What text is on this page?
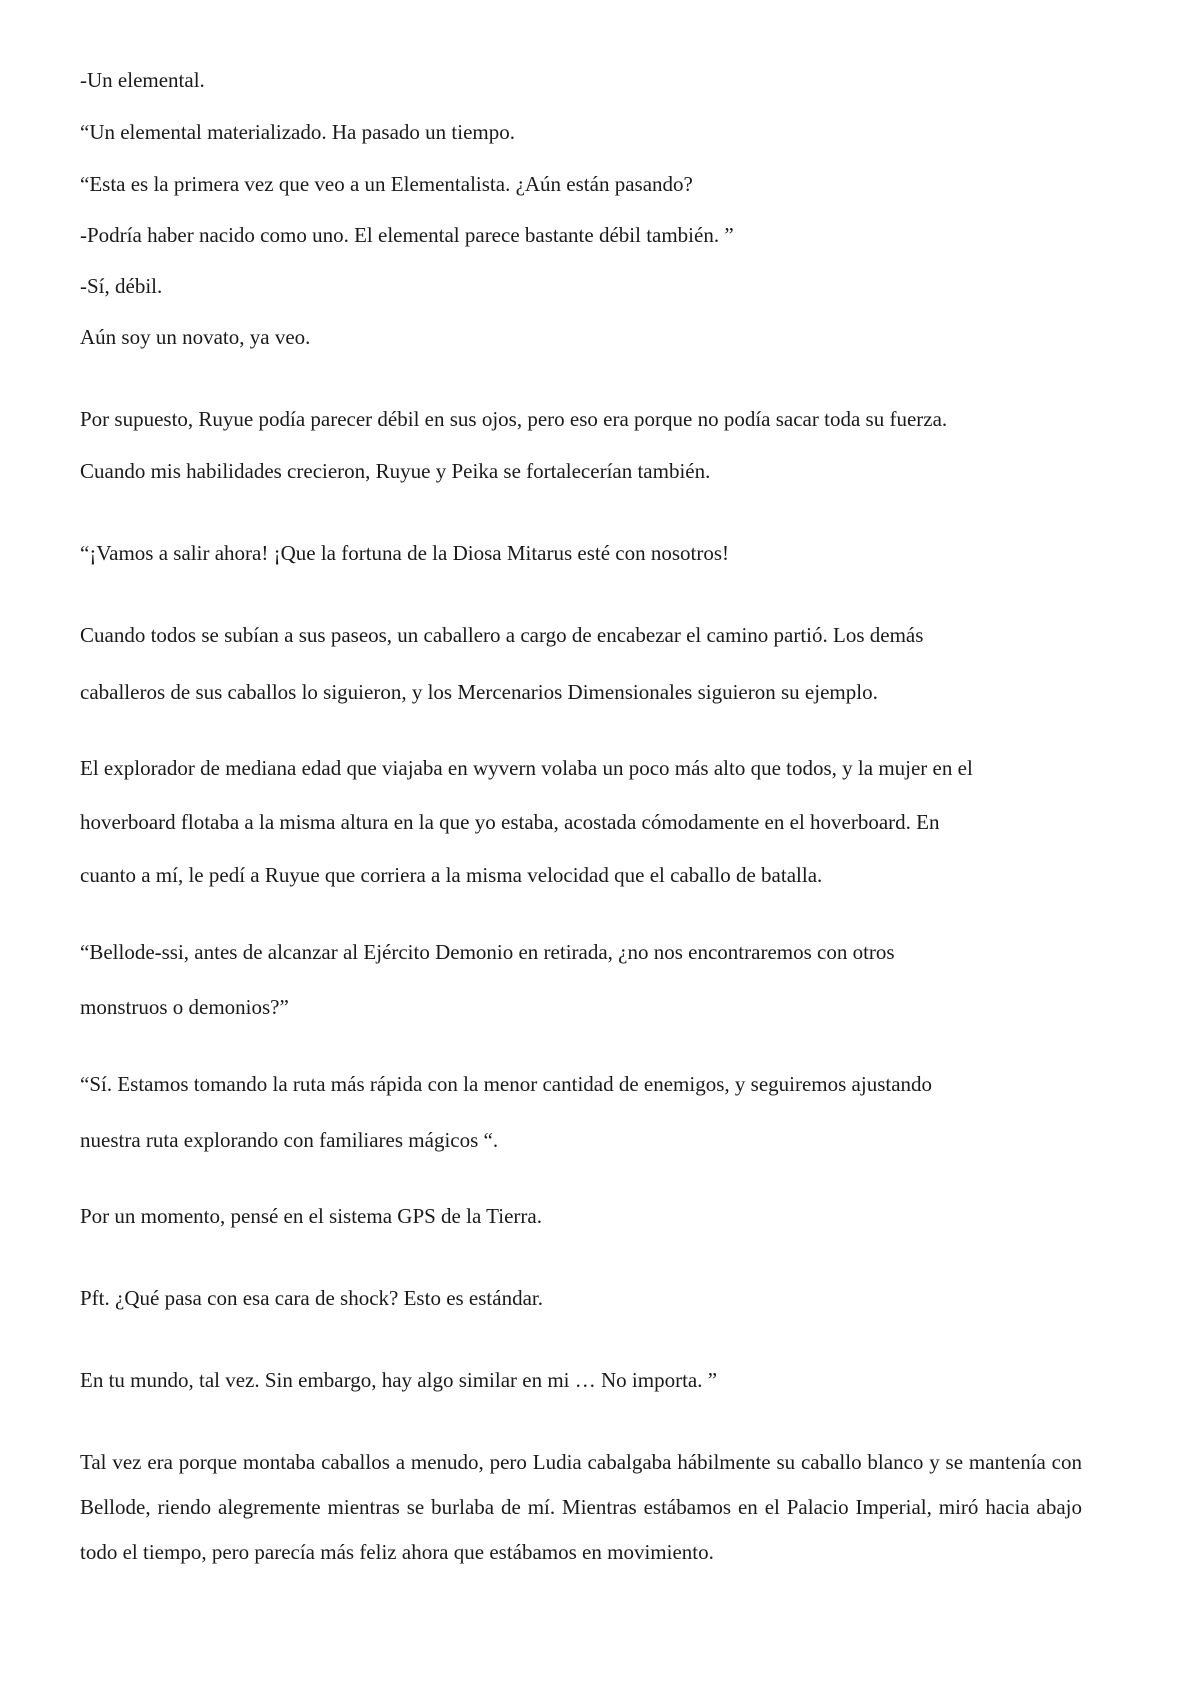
-Un elemental.

“Un elemental materializado. Ha pasado un tiempo.

“Esta es la primera vez que veo a un Elementalista. ¿Aún están pasando?

-Podría haber nacido como uno. El elemental parece bastante débil también. ”

-Sí, débil.

Aún soy un novato, ya veo.

Por supuesto, Ruyue podía parecer débil en sus ojos, pero eso era porque no podía sacar toda su fuerza.

Cuando mis habilidades crecieron, Ruyue y Peika se fortalecerían también.

“¡Vamos a salir ahora! ¡Que la fortuna de la Diosa Mitarus esté con nosotros!

Cuando todos se subían a sus paseos, un caballero a cargo de encabezar el camino partió. Los demás

caballeros de sus caballos lo siguieron, y los Mercenarios Dimensionales siguieron su ejemplo.

El explorador de mediana edad que viajaba en wyvern volaba un poco más alto que todos, y la mujer en el

hoverboard flotaba a la misma altura en la que yo estaba, acostada cómodamente en el hoverboard. En

cuanto a mí, le pedí a Ruyue que corriera a la misma velocidad que el caballo de batalla.

“Bellode-ssi, antes de alcanzar al Ejército Demonio en retirada, ¿no nos encontraremos con otros

monstruos o demonios?”

“Sí. Estamos tomando la ruta más rápida con la menor cantidad de enemigos, y seguiremos ajustando

nuestra ruta explorando con familiares mágicos “.

Por un momento, pensé en el sistema GPS de la Tierra.

Pft. ¿Qué pasa con esa cara de shock? Esto es estándar.

En tu mundo, tal vez. Sin embargo, hay algo similar en mi … No importa. ”

Tal vez era porque montaba caballos a menudo, pero Ludia cabalgaba hábilmente su caballo blanco y se mantenía con Bellode, riendo alegremente mientras se burlaba de mí. Mientras estábamos en el Palacio Imperial, miró hacia abajo todo el tiempo, pero parecía más feliz ahora que estábamos en movimiento.
